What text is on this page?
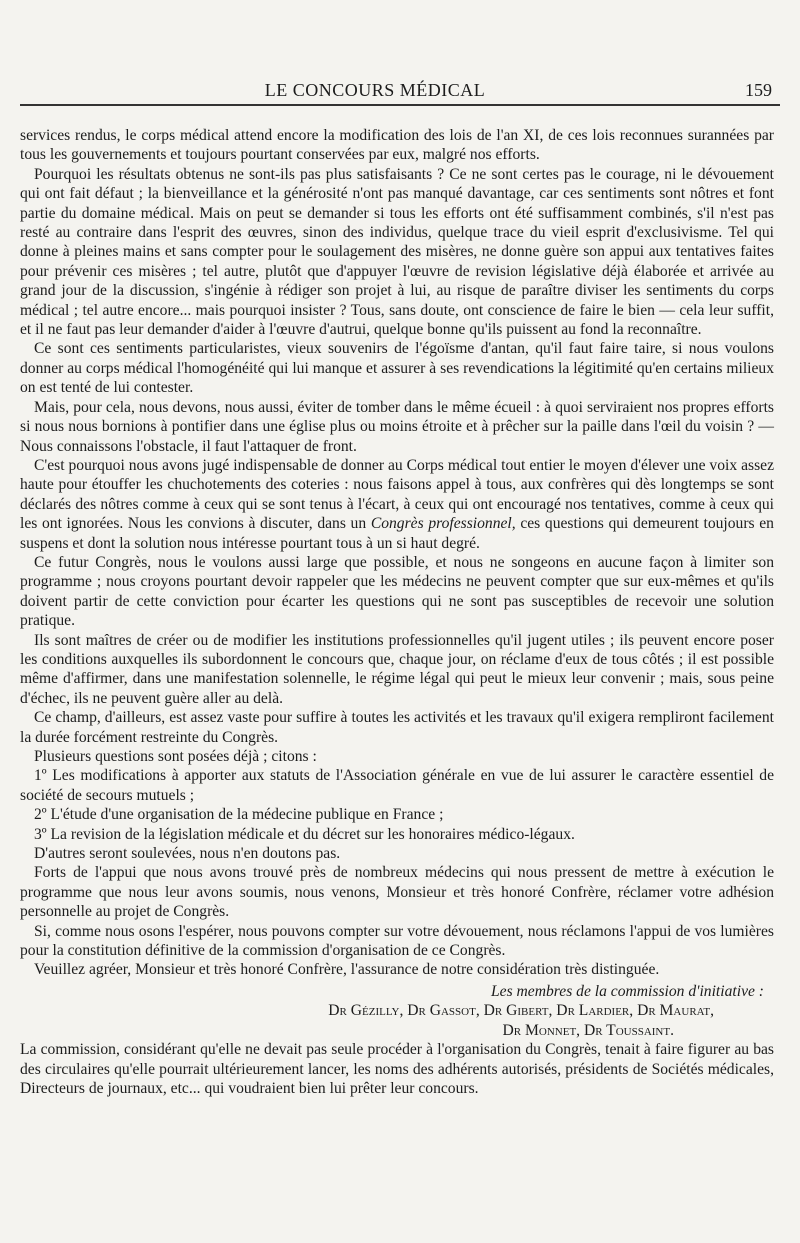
LE CONCOURS MÉDICAL	159

services rendus, le corps médical attend encore la modification des lois de l'an XI, de ces lois reconnues surannées par tous les gouvernements et toujours pourtant conservées par eux, malgré nos efforts.

Pourquoi les résultats obtenus ne sont-ils pas plus satisfaisants ? Ce ne sont certes pas le courage, ni le dévouement qui ont fait défaut ; la bienveillance et la générosité n'ont pas manqué davantage, car ces sentiments sont nôtres et font partie du domaine médical. Mais on peut se demander si tous les efforts ont été suffisamment combinés, s'il n'est pas resté au contraire dans l'esprit des œuvres, sinon des individus, quelque trace du vieil esprit d'exclusivisme. Tel qui donne à pleines mains et sans compter pour le soulagement des misères, ne donne guère son appui aux tentatives faites pour prévenir ces misères ; tel autre, plutôt que d'appuyer l'œuvre de revision législative déjà élaborée et arrivée au grand jour de la discussion, s'ingénie à rédiger son projet à lui, au risque de paraître diviser les sentiments du corps médical ; tel autre encore... mais pourquoi insister ? Tous, sans doute, ont conscience de faire le bien — cela leur suffit, et il ne faut pas leur demander d'aider à l'œuvre d'autrui, quelque bonne qu'ils puissent au fond la reconnaître.

Ce sont ces sentiments particularistes, vieux souvenirs de l'égoïsme d'antan, qu'il faut faire taire, si nous voulons donner au corps médical l'homogénéité qui lui manque et assurer à ses revendications la légitimité qu'en certains milieux on est tenté de lui contester.

Mais, pour cela, nous devons, nous aussi, éviter de tomber dans le même écueil : à quoi serviraient nos propres efforts si nous nous bornions à pontifier dans une église plus ou moins étroite et à prêcher sur la paille dans l'œil du voisin ? — Nous connaissons l'obstacle, il faut l'attaquer de front.

C'est pourquoi nous avons jugé indispensable de donner au Corps médical tout entier le moyen d'élever une voix assez haute pour étouffer les chuchotements des coteries : nous faisons appel à tous, aux confrères qui dès longtemps se sont déclarés des nôtres comme à ceux qui se sont tenus à l'écart, à ceux qui ont encouragé nos tentatives, comme à ceux qui les ont ignorées. Nous les convions à discuter, dans un Congrès professionnel, ces questions qui demeurent toujours en suspens et dont la solution nous intéresse pourtant tous à un si haut degré.

Ce futur Congrès, nous le voulons aussi large que possible, et nous ne songeons en aucune façon à limiter son programme ; nous croyons pourtant devoir rappeler que les médecins ne peuvent compter que sur eux-mêmes et qu'ils doivent partir de cette conviction pour écarter les questions qui ne sont pas susceptibles de recevoir une solution pratique.

Ils sont maîtres de créer ou de modifier les institutions professionnelles qu'il jugent utiles ; ils peuvent encore poser les conditions auxquelles ils subordonnent le concours que, chaque jour, on réclame d'eux de tous côtés ; il est possible même d'affirmer, dans une manifestation solennelle, le régime légal qui peut le mieux leur convenir ; mais, sous peine d'échec, ils ne peuvent guère aller au delà.

Ce champ, d'ailleurs, est assez vaste pour suffire à toutes les activités et les travaux qu'il exigera rempliront facilement la durée forcément restreinte du Congrès.

Plusieurs questions sont posées déjà ; citons :

1º Les modifications à apporter aux statuts de l'Association générale en vue de lui assurer le caractère essentiel de société de secours mutuels ;

2º L'étude d'une organisation de la médecine publique en France ;

3º La revision de la législation médicale et du décret sur les honoraires médico-légaux.

D'autres seront soulevées, nous n'en doutons pas.

Forts de l'appui que nous avons trouvé près de nombreux médecins qui nous pressent de mettre à exécution le programme que nous leur avons soumis, nous venons, Monsieur et très honoré Confrère, réclamer votre adhésion personnelle au projet de Congrès.

Si, comme nous osons l'espérer, nous pouvons compter sur votre dévouement, nous réclamons l'appui de vos lumières pour la constitution définitive de la commission d'organisation de ce Congrès.

Veuillez agréer, Monsieur et très honoré Confrère, l'assurance de notre considération très distinguée.

Les membres de la commission d'initiative :
Dr Gézilly, Dr Gassot, Dr Gibert, Dr Lardier, Dr Maurat,
Dr Monnet, Dr Toussaint.

La commission, considérant qu'elle ne devait pas seule procéder à l'organisation du Congrès, tenait à faire figurer au bas des circulaires qu'elle pourrait ultérieurement lancer, les noms des adhérents autorisés, présidents de Sociétés médicales, Directeurs de journaux, etc... qui voudraient bien lui prêter leur concours.
